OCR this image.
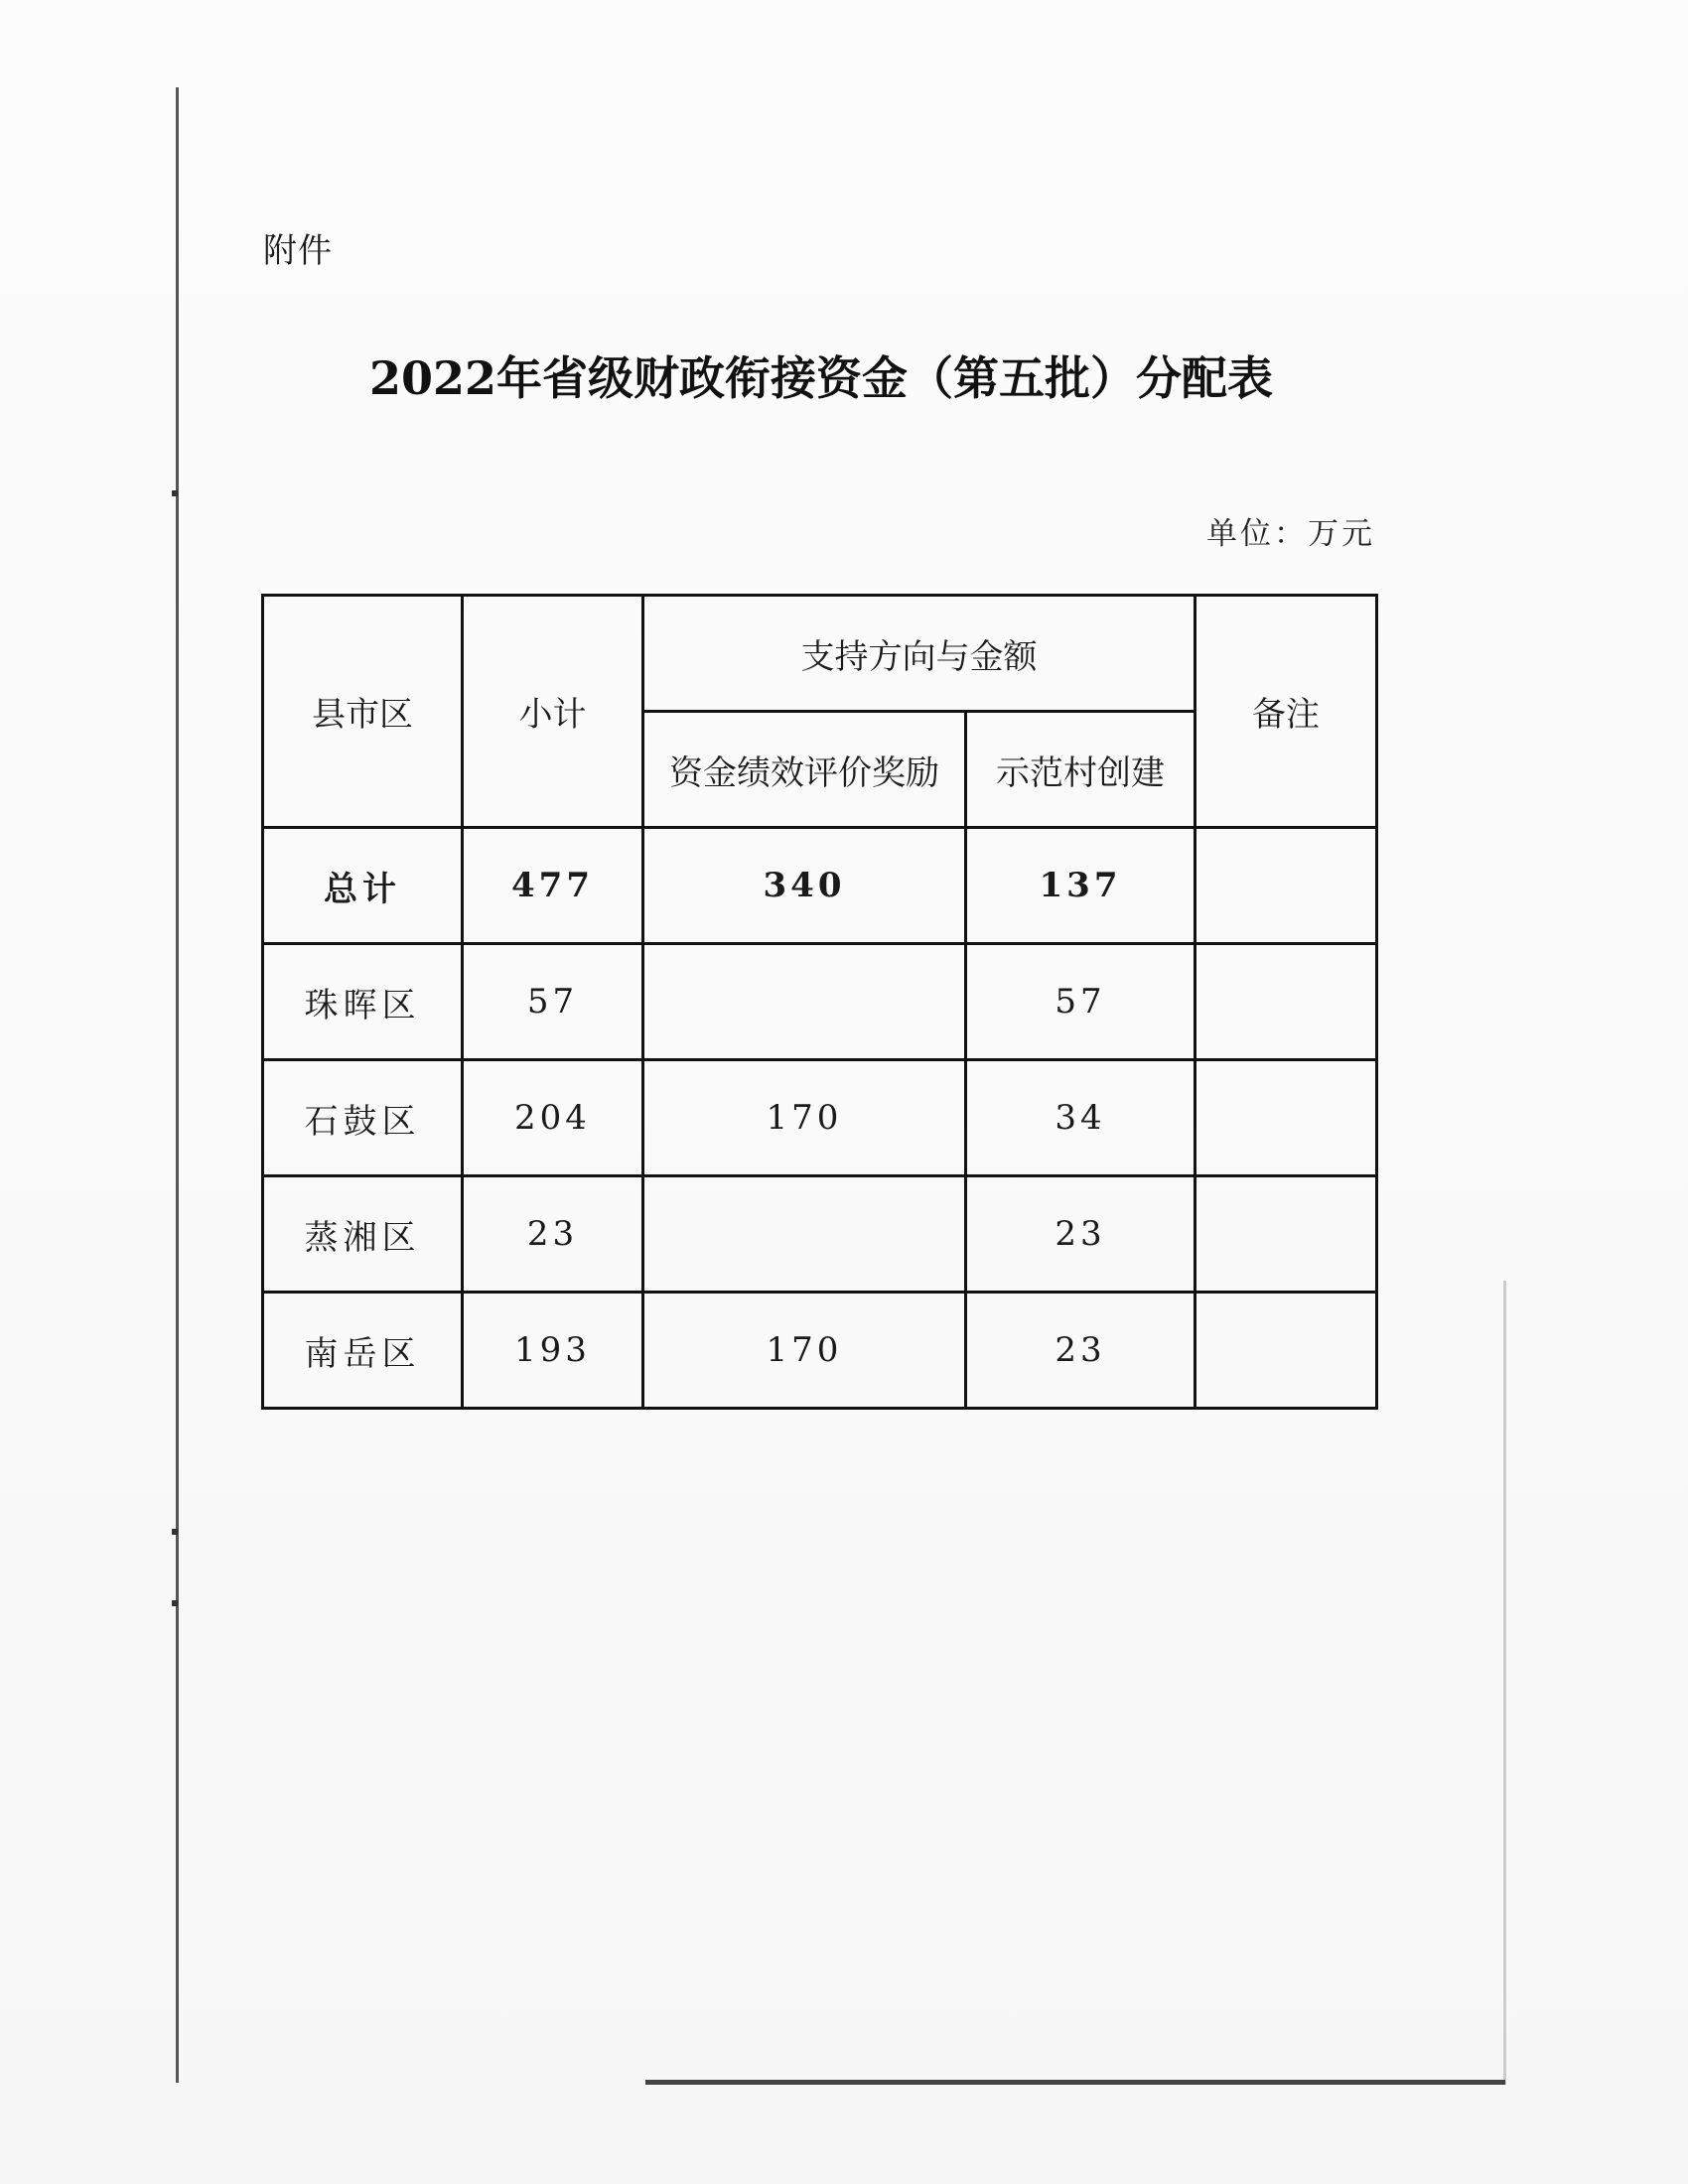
附件
2022年省级财政衔接资金（第五批）分配表
单位：万元
县市区	小计	支持方向与金额		备注
		资金绩效评价奖励	示范村创建	
总计	477	340	137	
珠晖区	57		57	
石鼓区	204	170	34	
蒸湘区	23		23	
南岳区	193	170	23	
